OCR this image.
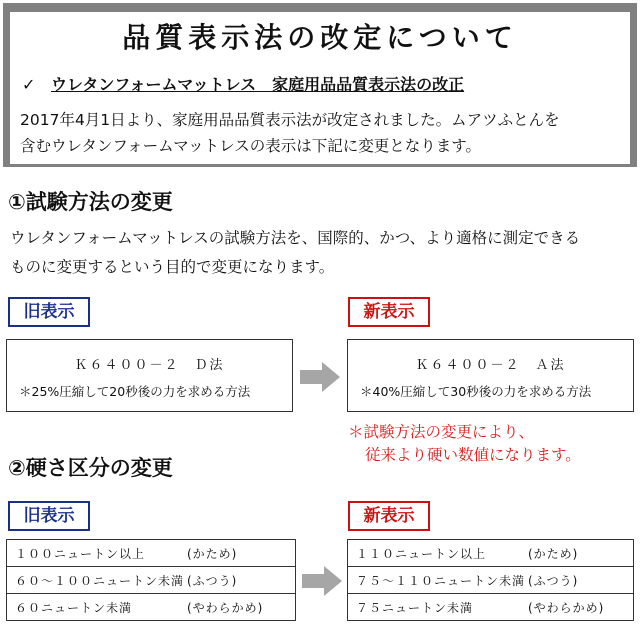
品質表示法の改定について
✓ ウレタンフォームマットレス　家庭用品品質表示法の改正
2017年4月1日より、家庭用品品質表示法が改定されました。ムアツふとんを
含むウレタンフォームマットレスの表示は下記に変更となります。
①試験方法の変更
ウレタンフォームマットレスの試験方法を、国際的、かつ、より適格に測定できる
ものに変更するという目的で変更になります。
旧表示	新表示
Ｋ６４００－２　Ｄ法
＊25%圧縮して20秒後の力を求める方法
Ｋ６４００－２　Ａ法
＊40%圧縮して30秒後の力を求める方法
＊試験方法の変更により、
従来より硬い数値になります。
②硬さ区分の変更
旧表示	新表示
１００ニュートン以上	(かため)
６０～１００ニュートン未満 (ふつう)
６０ニュートン未満	(やわらかめ)
１１０ニュートン以上	(かため)
７５～１１０ニュートン未満 (ふつう)
７５ニュートン未満	(やわらかめ)
